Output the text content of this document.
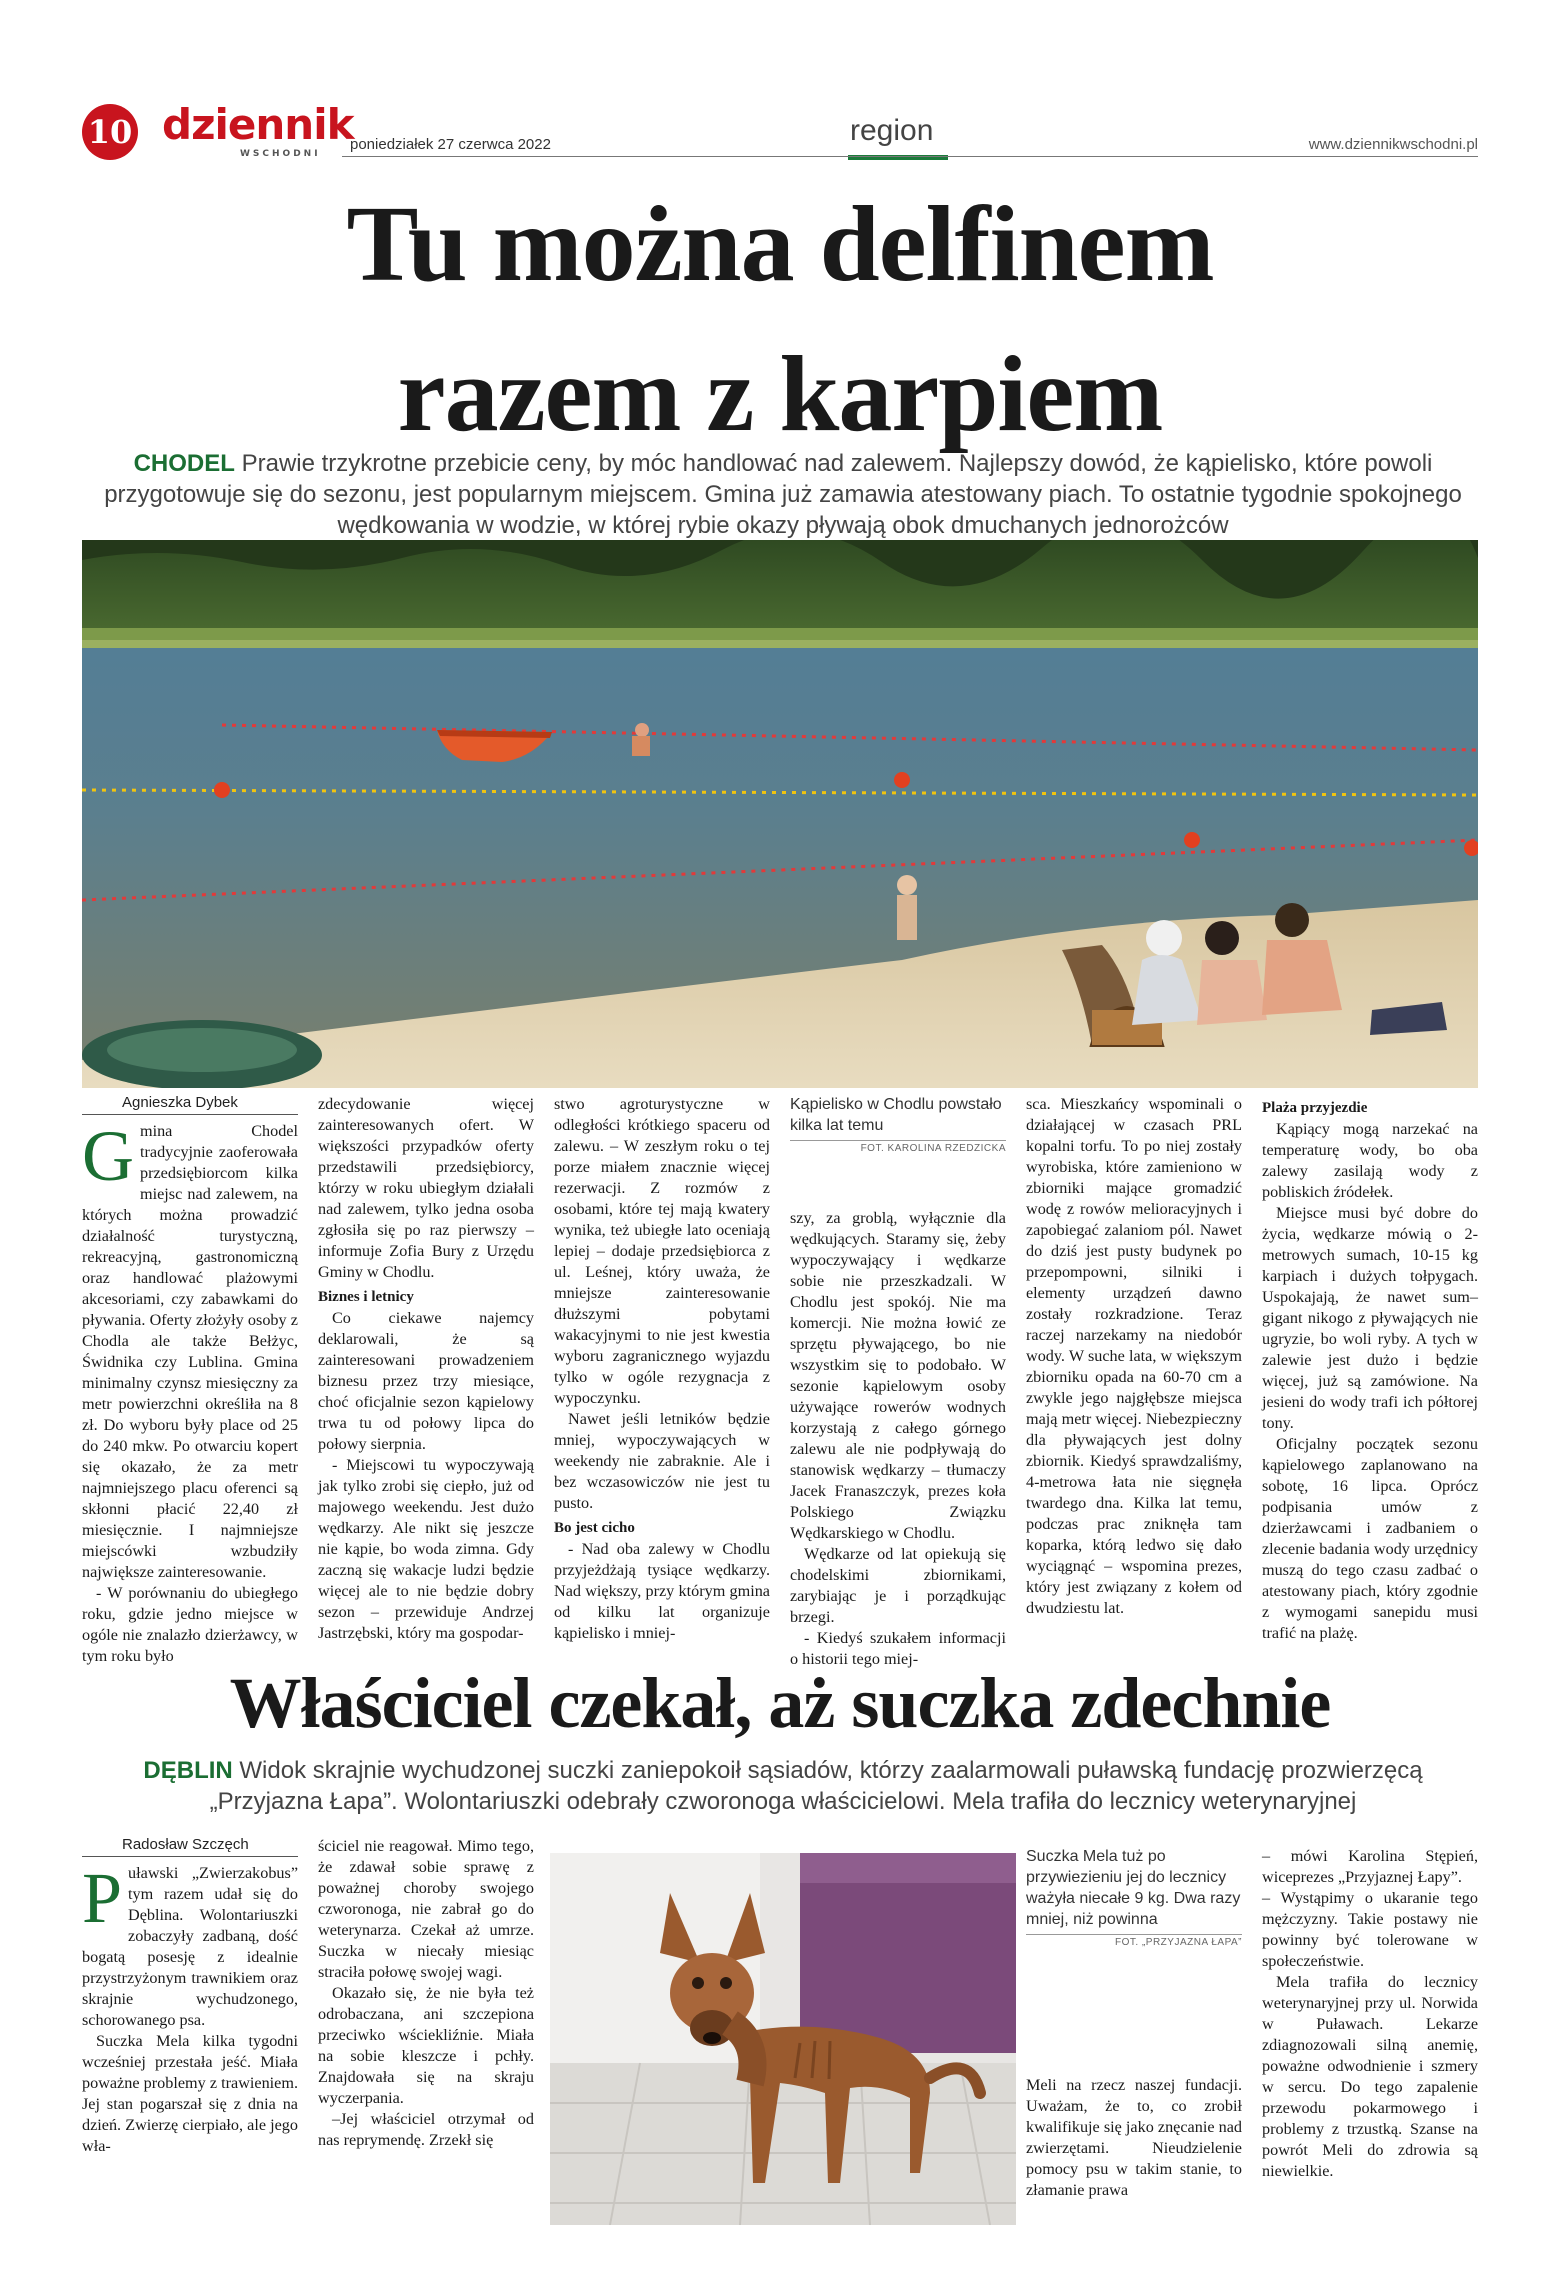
10 dziennik
WSCHODNI
poniedziałek 27 czerwca 2022	region	www.dziennikwschodni.pl
Tu można delfinem
razem z karpiem
CHODEL Prawie trzykrotne przebicie ceny, by móc handlować nad zalewem. Najlepszy dowód, że kąpielisko, które powoli przygotowuje się do sezonu, jest popularnym miejscem. Gmina już zamawia atestowany piach. To ostatnie tygodnie spokojnego wędkowania w wodzie, w której rybie okazy pływają obok dmuchanych jednorożców
Agnieszka Dybek

Gmina Chodel tradycyjnie zaoferowała przedsiębiorcom kilka miejsc nad zalewem, na których można prowadzić działalność turystyczną, rekreacyjną, gastronomiczną oraz handlować plażowymi akcesoriami, czy zabawkami do pływania. Oferty złożyły osoby z Chodla ale także Bełżyc, Świdnika czy Lublina. Gmina minimalny czynsz miesięczny za metr powierzchni określiła na 8 zł. Do wyboru były place od 25 do 240 mkw. Po otwarciu kopert się okazało, że za metr najmniejszego placu oferenci są skłonni płacić 22,40 zł miesięcznie. I najmniejsze miejscówki wzbudziły największe zainteresowanie.

- W porównaniu do ubiegłego roku, gdzie jedno miejsce w ogóle nie znalazło dzierżawcy, w tym roku było

zdecydowanie więcej zainteresowanych ofert. W większości przypadków oferty przedstawili przedsiębiorcy, którzy w roku ubiegłym działali nad zalewem, tylko jedna osoba zgłosiła się po raz pierwszy – informuje Zofia Bury z Urzędu Gminy w Chodlu.

Biznes i letnicy

Co ciekawe najemcy deklarowali, że są zainteresowani prowadzeniem biznesu przez trzy miesiące, choć oficjalnie sezon kąpielowy trwa tu od połowy lipca do połowy sierpnia.

- Miejscowi tu wypoczywają jak tylko zrobi się ciepło, już od majowego weekendu. Jest dużo wędkarzy. Ale nikt się jeszcze nie kąpie, bo woda zimna. Gdy zaczną się wakacje ludzi będzie więcej ale to nie będzie dobry sezon – przewiduje Andrzej Jastrzębski, który ma gospodar-

stwo agroturystyczne w odległości krótkiego spaceru od zalewu. – W zeszłym roku o tej porze miałem znacznie więcej rezerwacji. Z rozmów z osobami, które tej mają kwatery wynika, też ubiegłe lato oceniają lepiej – dodaje przedsiębiorca z ul. Leśnej, który uważa, że mniejsze zainteresowanie dłuższymi pobytami wakacyjnymi to nie jest kwestia wyboru zagranicznego wyjazdu tylko w ogóle rezygnacja z wypoczynku.

Nawet jeśli letników będzie mniej, wypoczywających w weekendy nie zabraknie. Ale i bez wczasowiczów nie jest tu pusto.

Bo jest cicho

- Nad oba zalewy w Chodlu przyjeżdżają tysiące wędkarzy. Nad większy, przy którym gmina od kilku lat organizuje kąpielisko i mniej-

Kąpielisko w Chodlu powstało kilka lat temu
FOT. KAROLINA RZEDZICKA

szy, za groblą, wyłącznie dla wędkujących. Staramy się, żeby wypoczywający i wędkarze sobie nie przeszkadzali. W Chodlu jest spokój. Nie ma komercji. Nie można łowić ze sprzętu pływającego, bo nie wszystkim się to podobało. W sezonie kąpielowym osoby używające rowerów wodnych korzystają z całego górnego zalewu ale nie podpływają do stanowisk wędkarzy – tłumaczy Jacek Franaszczyk, prezes koła Polskiego Związku Wędkarskiego w Chodlu.

Wędkarze od lat opiekują się chodelskimi zbiornikami, zarybiając je i porządkując brzegi.

- Kiedyś szukałem informacji o historii tego miej-

sca. Mieszkańcy wspominali o działającej w czasach PRL kopalni torfu. To po niej zostały wyrobiska, które zamieniono w zbiorniki mające gromadzić wodę z rowów melioracyjnych i zapobiegać zalaniom pól. Nawet do dziś jest pusty budynek po przepompowni, silniki i elementy urządzeń dawno zostały rozkradzione. Teraz raczej narzekamy na niedobór wody. W suche lata, w większym zbiorniku opada na 60-70 cm a zwykle jego najgłębsze miejsca mają metr więcej. Niebezpieczny dla pływających jest dolny zbiornik. Kiedyś sprawdzaliśmy, 4-metrowa łata nie sięgnęła twardego dna. Kilka lat temu, podczas prac zniknęła tam koparka, którą ledwo się dało wyciągnąć – wspomina prezes, który jest związany z kołem od dwudziestu lat.

Plaża przyjezdie

Kąpiący mogą narzekać na temperaturę wody, bo oba zalewy zasilają wody z pobliskich źródełek.

Miejsce musi być dobre do życia, wędkarze mówią o 2-metrowych sumach, 10-15 kg karpiach i dużych tołpygach. Uspokajają, że nawet sum–gigant nikogo z pływających nie ugryzie, bo woli ryby. A tych w zalewie jest dużo i będzie więcej, już są zamówione. Na jesieni do wody trafi ich półtorej tony.

Oficjalny początek sezonu kąpielowego zaplanowano na sobotę, 16 lipca. Oprócz podpisania umów z dzierżawcami i zadbaniem o zlecenie badania wody urzędnicy muszą do tego czasu zadbać o atestowany piach, który zgodnie z wymogami sanepidu musi trafić na plażę.

Właściciel czekał, aż suczka zdechnie
DĘBLIN Widok skrajnie wychudzonej suczki zaniepokoił sąsiadów, którzy zaalarmowali puławską fundację prozwierzęcą „Przyjazna Łapa”. Wolontariuszki odebrały czworonoga właścicielowi. Mela trafiła do lecznicy weterynaryjnej
Radosław Szczęch

Puławski „Zwierzakobus” tym razem udał się do Dęblina. Wolontariuszki zobaczyły zadbaną, dość bogatą posesję z idealnie przystrzyżonym trawnikiem oraz skrajnie wychudzonego, schorowanego psa.

Suczka Mela kilka tygodni wcześniej przestała jeść. Miała poważne problemy z trawieniem. Jej stan pogarszał się z dnia na dzień. Zwierzę cierpiało, ale jego wła-

ściciel nie reagował. Mimo tego, że zdawał sobie sprawę z poważnej choroby swojego czworonoga, nie zabrał go do weterynarza. Czekał aż umrze. Suczka w niecały miesiąc straciła połowę swojej wagi.

Okazało się, że nie była też odrobaczana, ani szczepiona przeciwko wściekliźnie. Miała na sobie kleszcze i pchły. Znajdowała się na skraju wyczerpania.

–Jej właściciel otrzymał od nas reprymendę. Zrzekł się

Suczka Mela tuż po przywiezieniu jej do lecznicy ważyła niecałe 9 kg. Dwa razy mniej, niż powinna
FOT. „PRZYJAZNA ŁAPA”

Meli na rzecz naszej fundacji. Uważam, że to, co zrobił kwalifikuje się jako znęcanie nad zwierzętami. Nieudzielenie pomocy psu w takim stanie, to złamanie prawa

– mówi Karolina Stępień, wiceprezes „Przyjaznej Łapy”.

– Wystąpimy o ukaranie tego mężczyzny. Takie postawy nie powinny być tolerowane w społeczeństwie.

Mela trafiła do lecznicy weterynaryjnej przy ul. Norwida w Puławach. Lekarze zdiagnozowali silną anemię, poważne odwodnienie i szmery w sercu. Do tego zapalenie przewodu pokarmowego i problemy z trzustką. Szanse na powrót Meli do zdrowia są niewielkie.
